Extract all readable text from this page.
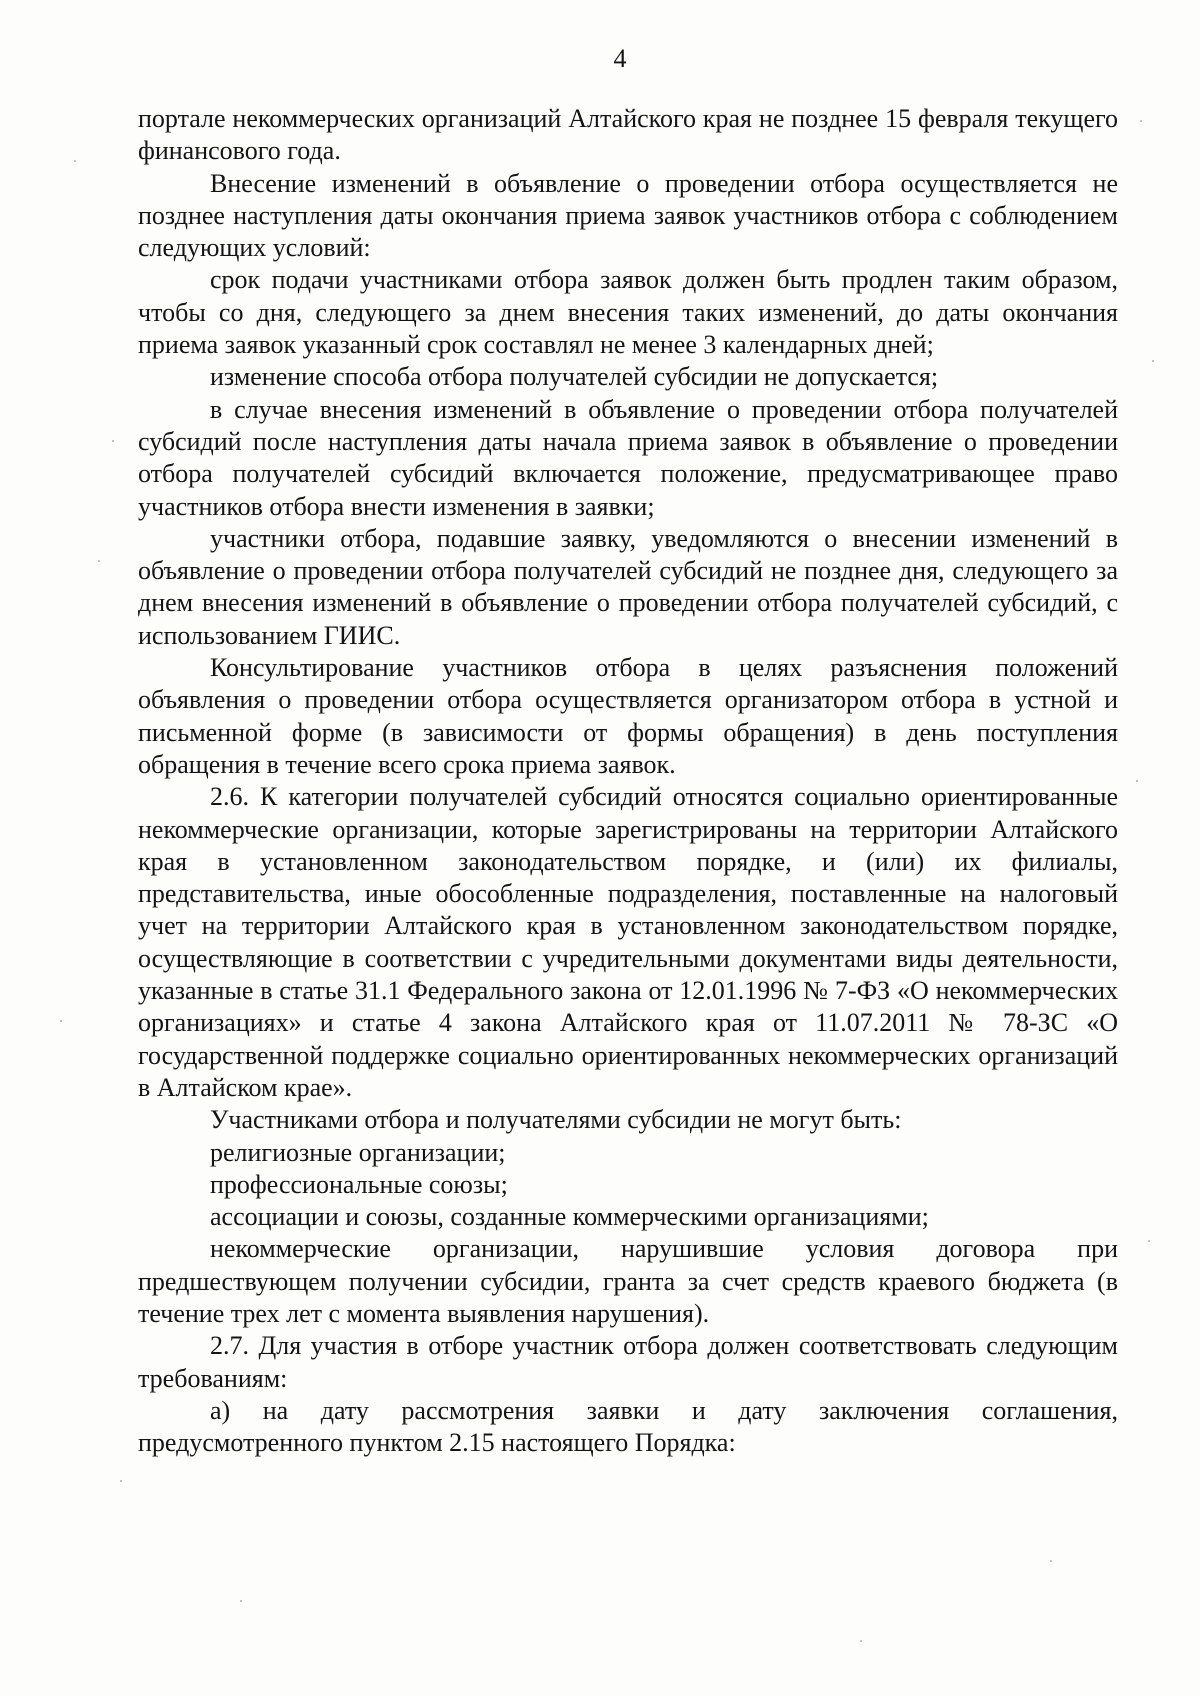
4

порталe некоммерческих организаций Алтайского края не позднее 15 февраля текущего финансового года.

Внесение изменений в объявление о проведении отбора осуществляется не позднее наступления даты окончания приема заявок участников отбора с соблюдением следующих условий:

срок подачи участниками отбора заявок должен быть продлен таким образом, чтобы со дня, следующего за днем внесения таких изменений, до даты окончания приема заявок указанный срок составлял не менее 3 календарных дней;

изменение способа отбора получателей субсидии не допускается;

в случае внесения изменений в объявление о проведении отбора получателей субсидий после наступления даты начала приема заявок в объявление о проведении отбора получателей субсидий включается положение, предусматривающее право участников отбора внести изменения в заявки;

участники отбора, подавшие заявку, уведомляются о внесении изменений в объявление о проведении отбора получателей субсидий не позднее дня, следующего за днем внесения изменений в объявление о проведении отбора получателей субсидий, с использованием ГИИС.

Консультирование участников отбора в целях разъяснения положений объявления о проведении отбора осуществляется организатором отбора в устной и письменной форме (в зависимости от формы обращения) в день поступления обращения в течение всего срока приема заявок.

2.6. К категории получателей субсидий относятся социально ориентированные некоммерческие организации, которые зарегистрированы на территории Алтайского края в установленном законодательством порядке, и (или) их филиалы, представительства, иные обособленные подразделения, поставленные на налоговый учет на территории Алтайского края в установленном законодательством порядке, осуществляющие в соответствии с учредительными документами виды деятельности, указанные в статье 31.1 Федерального закона от 12.01.1996 № 7-ФЗ «О некоммерческих организациях» и статье 4 закона Алтайского края от 11.07.2011 № 78-ЗС «О государственной поддержке социально ориентированных некоммерческих организаций в Алтайском крае».

Участниками отбора и получателями субсидии не могут быть:

религиозные организации;

профессиональные союзы;

ассоциации и союзы, созданные коммерческими организациями;

некоммерческие организации, нарушившие условия договора при предшествующем получении субсидии, гранта за счет средств краевого бюджета (в течение трех лет с момента выявления нарушения).

2.7. Для участия в отборе участник отбора должен соответствовать следующим требованиям:

а) на дату рассмотрения заявки и дату заключения соглашения, предусмотренного пунктом 2.15 настоящего Порядка:
